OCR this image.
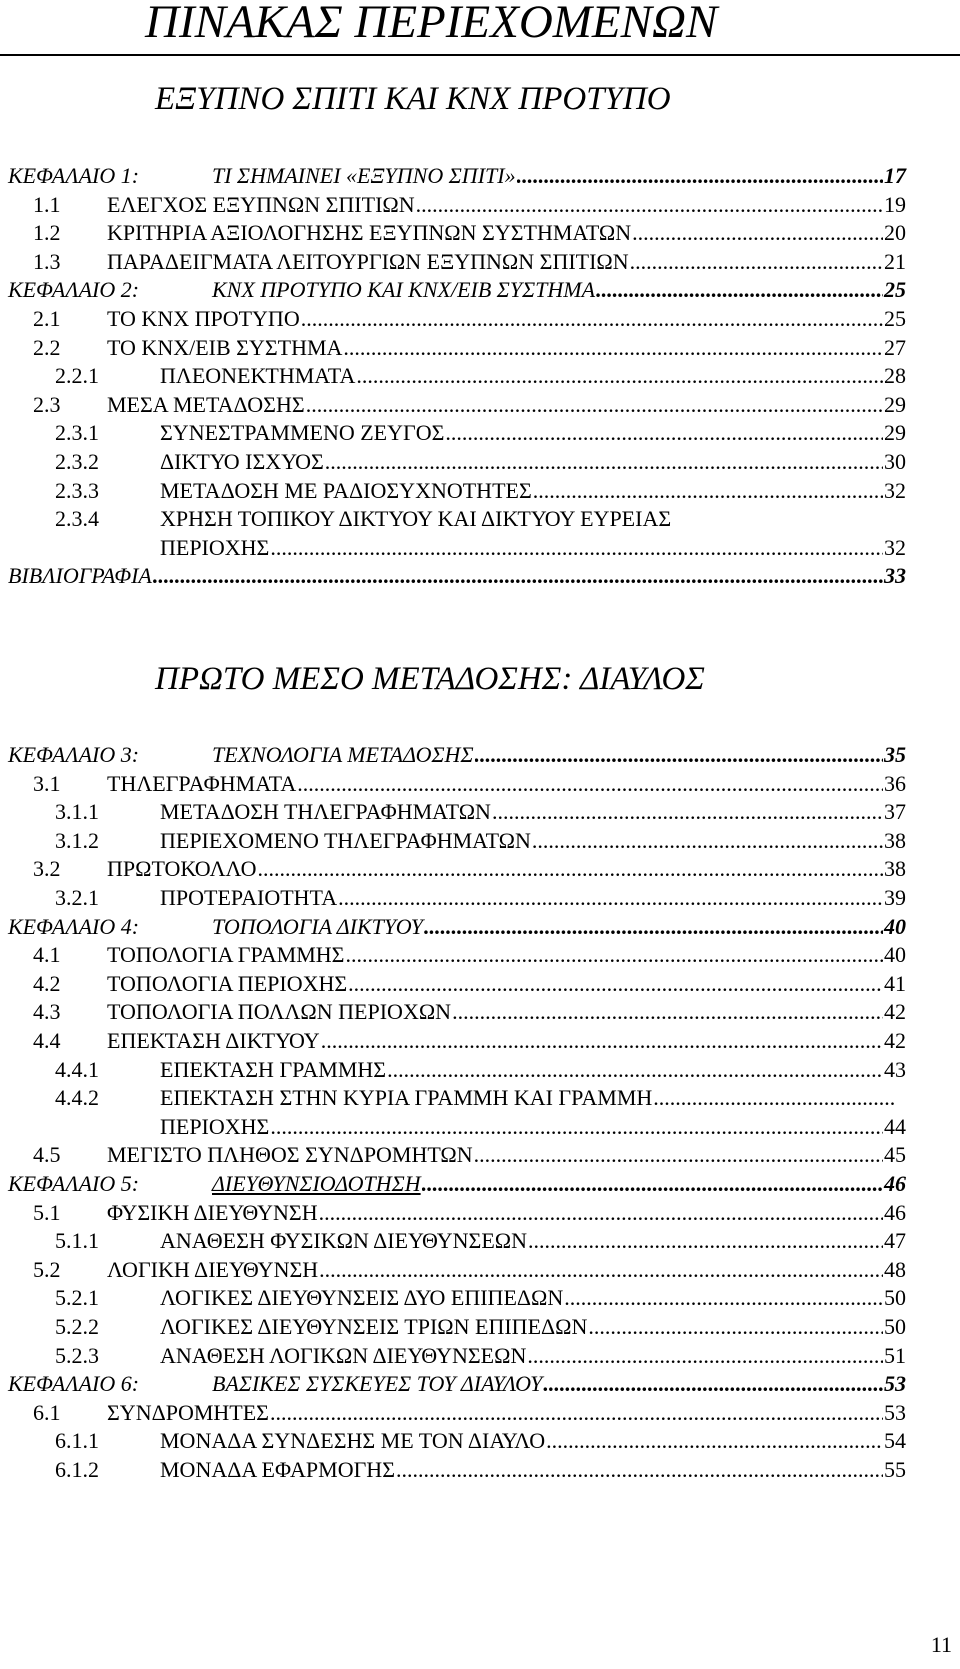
ΠΙΝΑΚΑΣ ΠΕΡΙΕΧΟΜΕΝΩΝ
ΕΞΥΠΝΟ ΣΠΙΤΙ ΚΑΙ ΚΝΧ ΠΡΟΤΥΠΟ
ΚΕΦΑΛΑΙΟ 1:	ΤΙ ΣΗΜΑΙΝΕΙ «ΕΞΥΠΝΟ ΣΠΙΤΙ» .....	17
1.1 ΕΛΕΓΧΟΣ ΕΞΥΠΝΩΝ ΣΠΙΤΙΩΝ .....	19
1.2 ΚΡΙΤΗΡΙΑ ΑΞΙΟΛΟΓΗΣΗΣ ΕΞΥΠΝΩΝ ΣΥΣΤΗΜΑΤΩΝ .....	20
1.3 ΠΑΡΑΔΕΙΓΜΑΤΑ ΛΕΙΤΟΥΡΓΙΩΝ ΕΞΥΠΝΩΝ ΣΠΙΤΙΩΝ .....	21
ΚΕΦΑΛΑΙΟ 2:	ΚΝΧ ΠΡΟΤΥΠΟ ΚΑΙ ΚΝΧ/ΕΙΒ ΣΥΣΤΗΜΑ .....	25
2.1 ΤΟ ΚΝΧ ΠΡΟΤΥΠΟ .....	25
2.2 ΤΟ ΚΝΧ/ΕΙΒ ΣΥΣΤΗΜΑ .....	27
2.2.1	ΠΛΕΟΝΕΚΤΗΜΑΤΑ .....	28
2.3 ΜΕΣΑ ΜΕΤΑΔΟΣΗΣ .....	29
2.3.1	ΣΥΝΕΣΤΡΑΜΜΕΝΟ ΖΕΥΓΟΣ .....	29
2.3.2	ΔΙΚΤΥΟ ΙΣΧΥΟΣ .....	30
2.3.3	ΜΕΤΑΔΟΣΗ ΜΕ ΡΑΔΙΟΣΥΧΝΟΤΗΤΕΣ .....	32
2.3.4	ΧΡΗΣΗ ΤΟΠΙΚΟΥ ΔΙΚΤΥΟΥ ΚΑΙ ΔΙΚΤΥΟΥ ΕΥΡΕΙΑΣ
ΠΕΡΙΟΧΗΣ .....	32
ΒΙΒΛΙΟΓΡΑΦΙΑ .....	33
ΠΡΩΤΟ ΜΕΣΟ ΜΕΤΑΔΟΣΗΣ: ΔΙΑΥΛΟΣ
ΚΕΦΑΛΑΙΟ 3:	ΤΕΧΝΟΛΟΓΙΑ ΜΕΤΑΔΟΣΗΣ .....	35
3.1 ΤΗΛΕΓΡΑΦΗΜΑΤΑ .....	36
3.1.1	ΜΕΤΑΔΟΣΗ ΤΗΛΕΓΡΑΦΗΜΑΤΩΝ .....	37
3.1.2	ΠΕΡΙΕΧΟΜΕΝΟ ΤΗΛΕΓΡΑΦΗΜΑΤΩΝ .....	38
3.2 ΠΡΩΤΟΚΟΛΛΟ .....	38
3.2.1	ΠΡΟΤΕΡΑΙΟΤΗΤΑ .....	39
ΚΕΦΑΛΑΙΟ 4:	ΤΟΠΟΛΟΓΙΑ ΔΙΚΤΥΟΥ .....	40
4.1 ΤΟΠΟΛΟΓΙΑ ΓΡΑΜΜΗΣ .....	40
4.2 ΤΟΠΟΛΟΓΙΑ ΠΕΡΙΟΧΗΣ .....	41
4.3 ΤΟΠΟΛΟΓΙΑ ΠΟΛΛΩΝ ΠΕΡΙΟΧΩΝ .....	42
4.4 ΕΠΕΚΤΑΣΗ ΔΙΚΤΥΟΥ .....	42
4.4.1	ΕΠΕΚΤΑΣΗ ΓΡΑΜΜΗΣ .....	43
4.4.2	ΕΠΕΚΤΑΣΗ ΣΤΗΝ ΚΥΡΙΑ ΓΡΑΜΜΗ ΚΑΙ ΓΡΑΜΜΗ
.....
ΠΕΡΙΟΧΗΣ .....	44
4.5 ΜΕΓΙΣΤΟ ΠΛΗΘΟΣ ΣΥΝΔΡΟΜΗΤΩΝ .....	45
ΚΕΦΑΛΑΙΟ 5:	ΔΙΕΥΘΥΝΣΙΟΔΟΤΗΣΗ .....	46
5.1 ΦΥΣΙΚΗ ΔΙΕΥΘΥΝΣΗ .....	46
5.1.1	ΑΝΑΘΕΣΗ ΦΥΣΙΚΩΝ ΔΙΕΥΘΥΝΣΕΩΝ .....	47
5.2 ΛΟΓΙΚΗ ΔΙΕΥΘΥΝΣΗ .....	48
5.2.1	ΛΟΓΙΚΕΣ ΔΙΕΥΘΥΝΣΕΙΣ ΔΥΟ ΕΠΙΠΕΔΩΝ .....	50
5.2.2	ΛΟΓΙΚΕΣ ΔΙΕΥΘΥΝΣΕΙΣ ΤΡΙΩΝ ΕΠΙΠΕΔΩΝ .....	50
5.2.3	ΑΝΑΘΕΣΗ ΛΟΓΙΚΩΝ ΔΙΕΥΘΥΝΣΕΩΝ .....	51
ΚΕΦΑΛΑΙΟ 6:	ΒΑΣΙΚΕΣ ΣΥΣΚΕΥΕΣ ΤΟΥ ΔΙΑΥΛΟΥ .....	53
6.1 ΣΥΝΔΡΟΜΗΤΕΣ .....	53
6.1.1	ΜΟΝΑΔΑ ΣΥΝΔΕΣΗΣ ΜΕ ΤΟΝ ΔΙΑΥΛΟ .....	54
6.1.2	ΜΟΝΑΔΑ ΕΦΑΡΜΟΓΗΣ .....	55
11
